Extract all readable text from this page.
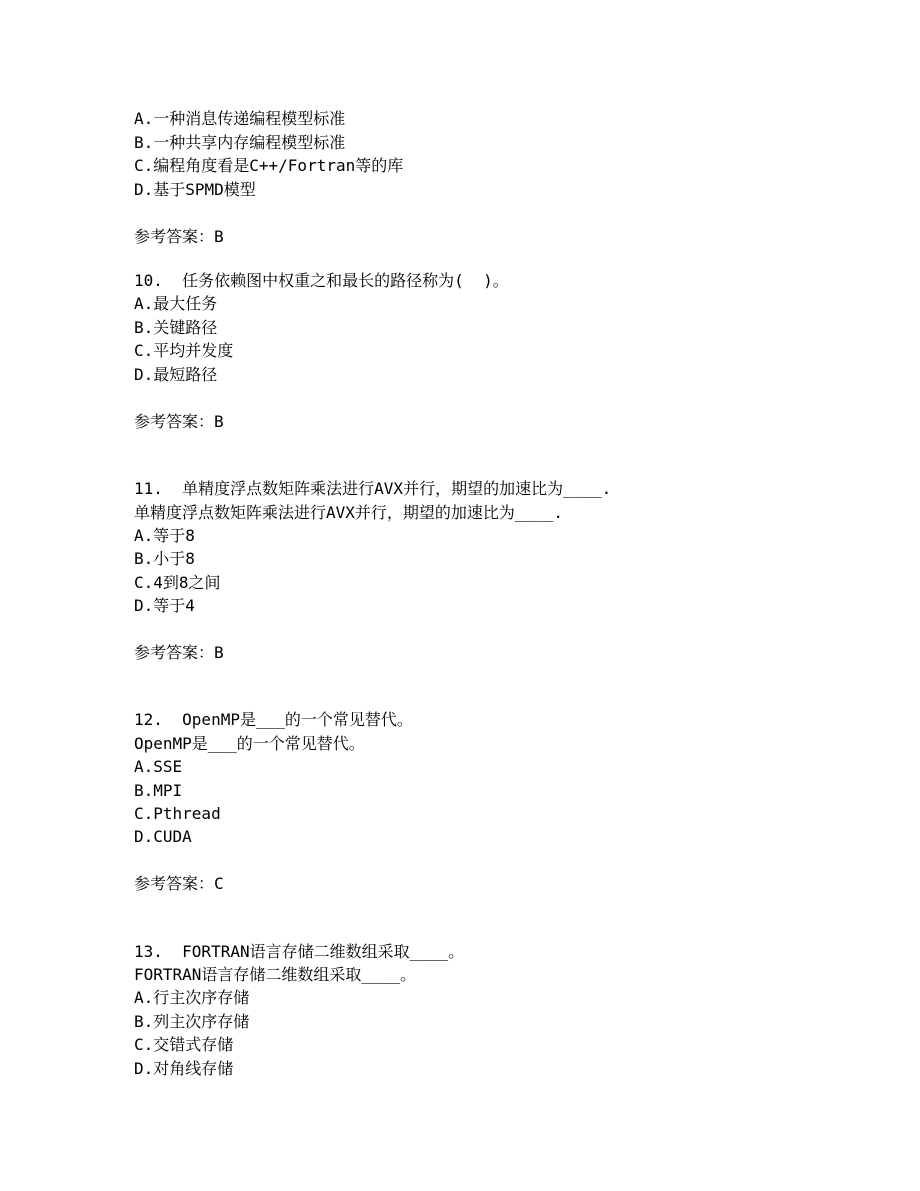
A.一种消息传递编程模型标准
B.一种共享内存编程模型标准
C.编程角度看是C++/Fortran等的库
D.基于SPMD模型
参考答案：B
10.  任务依赖图中权重之和最长的路径称为(  )。
A.最大任务
B.关键路径
C.平均并发度
D.最短路径
参考答案：B
11.  单精度浮点数矩阵乘法进行AVX并行，期望的加速比为____.
单精度浮点数矩阵乘法进行AVX并行，期望的加速比为____.
A.等于8
B.小于8
C.4到8之间
D.等于4
参考答案：B
12.  OpenMP是___的一个常见替代。
OpenMP是___的一个常见替代。
A.SSE
B.MPI
C.Pthread
D.CUDA
参考答案：C
13.  FORTRAN语言存储二维数组采取____。
FORTRAN语言存储二维数组采取____。
A.行主次序存储
B.列主次序存储
C.交错式存储
D.对角线存储
